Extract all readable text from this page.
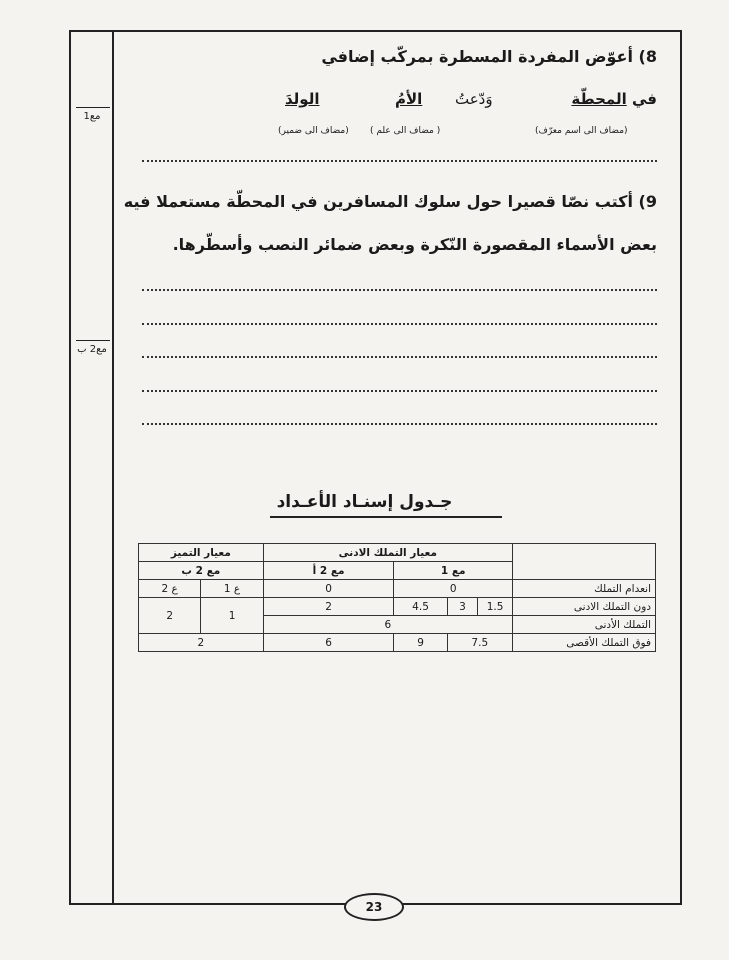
مع1
مع2 ب
8) أعوّض المفردة المسطرة بمركّب إضافي
في المحطّة
وَدّعتُ
الأمُ
الولدَ
(مضاف الى اسم معرّف)
( مضاف الى علم )
(مضاف الى ضمير)
9) أكتب نصّا قصيرا حول سلوك المسافرين في المحطّة مستعملا فيه
بعض الأسماء المقصورة النّكرة وبعض ضمائر النصب وأسطّرها.
جـدول إسنـاد الأعـداد
	معيار التملك الادنى				معيار التميز	
	مع 1			مع 2 أ	مع 2 ب	
انعدام التملك	0			0	ع 1	ع 2
دون التملك الادنى	1.5	3	4.5	2	1	2
التملك الأدنى	6					
فوق التملك الأقصى	7.5		9	6	2	
23
